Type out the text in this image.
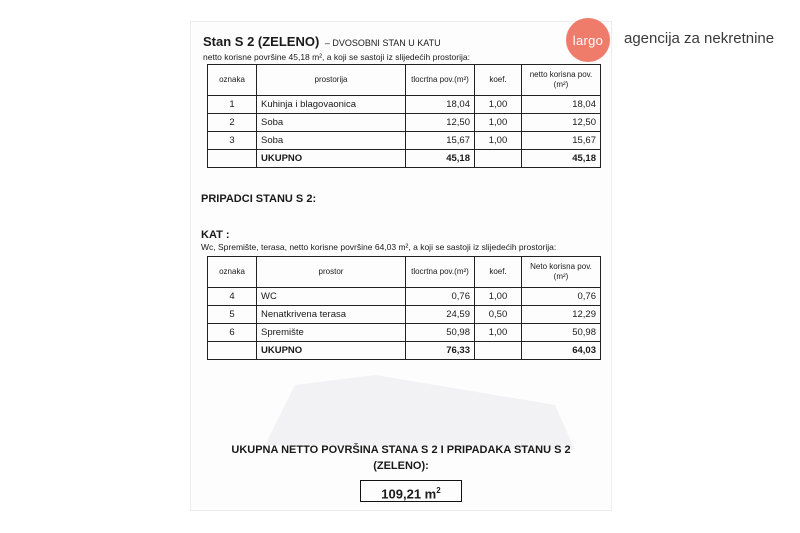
largo agencija za nekretnine
Stan S 2 (ZELENO) – DVOSOBNI STAN U KATU
netto korisne površine 45,18 m², a koji se sastoji iz slijedećih prostorija:
oznaka	prostorija	tlocrtna pov.(m²)	koef.	netto korisna pov.(m²)
1	Kuhinja i blagovaonica	18,04	1,00	18,04
2	Soba	12,50	1,00	12,50
3	Soba	15,67	1,00	15,67
	UKUPNO	45,18		45,18
PRIPADCI STANU S 2:
KAT :
Wc, Spremište, terasa, netto korisne površine 64,03 m², a koji se sastoji iz slijedećih prostorija:
oznaka	prostor	tlocrtna pov.(m²)	koef.	Neto korisna pov.(m²)
4	WC	0,76	1,00	0,76
5	Nenatkrivena terasa	24,59	0,50	12,29
6	Spremište	50,98	1,00	50,98
	UKUPNO	76,33		64,03
UKUPNA NETTO POVRŠINA STANA S 2 I PRIPADAKA STANU S 2
(ZELENO):
109,21 $m^2$
